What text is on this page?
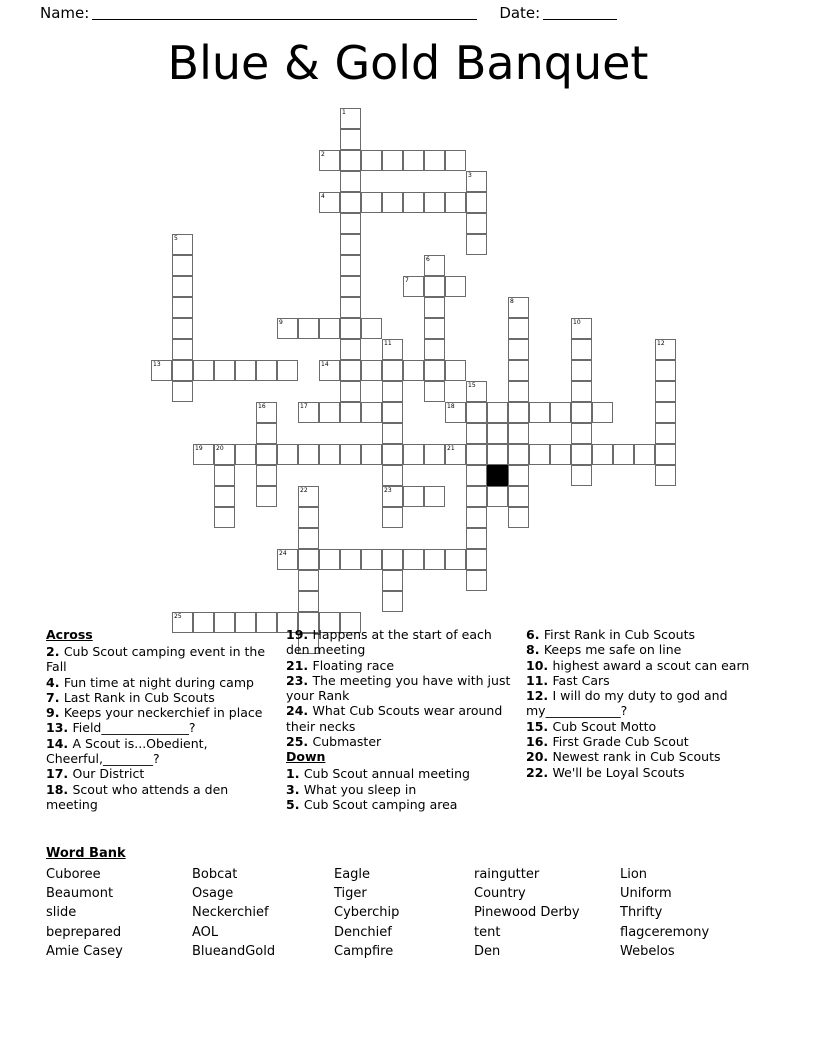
Name:	Date:
Blue & Gold Banquet
1
2
3
4
5
6
7
8
9	10
11
23
12
13	14
15
16	17	18
19 20	21
22
24
25
Across

2. Cub Scout camping event in the Fall

4. Fun time at night during camp

7. Last Rank in Cub Scouts

9. Keeps your neckerchief in place

13. Field______________?

14. A Scout is...Obedient, Cheerful,________?

17. Our District

18. Scout who attends a den meeting

19. Happens at the start of each den meeting

21. Floating race

23. The meeting you have with just your Rank

24. What Cub Scouts wear around their necks

25. Cubmaster

Down

1. Cub Scout annual meeting

3. What you sleep in

5. Cub Scout camping area

6. First Rank in Cub Scouts

8. Keeps me safe on line

10. highest award a scout can earn

11. Fast Cars

12. I will do my duty to god and my____________?

15. Cub Scout Motto

16. First Grade Cub Scout

20. Newest rank in Cub Scouts

22. We'll be Loyal Scouts

Word Bank
Cuboree	Bobcat	Eagle	raingutter	Lion
Beaumont	Osage	Tiger	Country	Uniform
slide	Neckerchief	Cyberchip	Pinewood Derby	Thrifty
beprepared	AOL	Denchief	tent	flagceremony
Amie Casey	BlueandGold	Campfire	Den	Webelos
